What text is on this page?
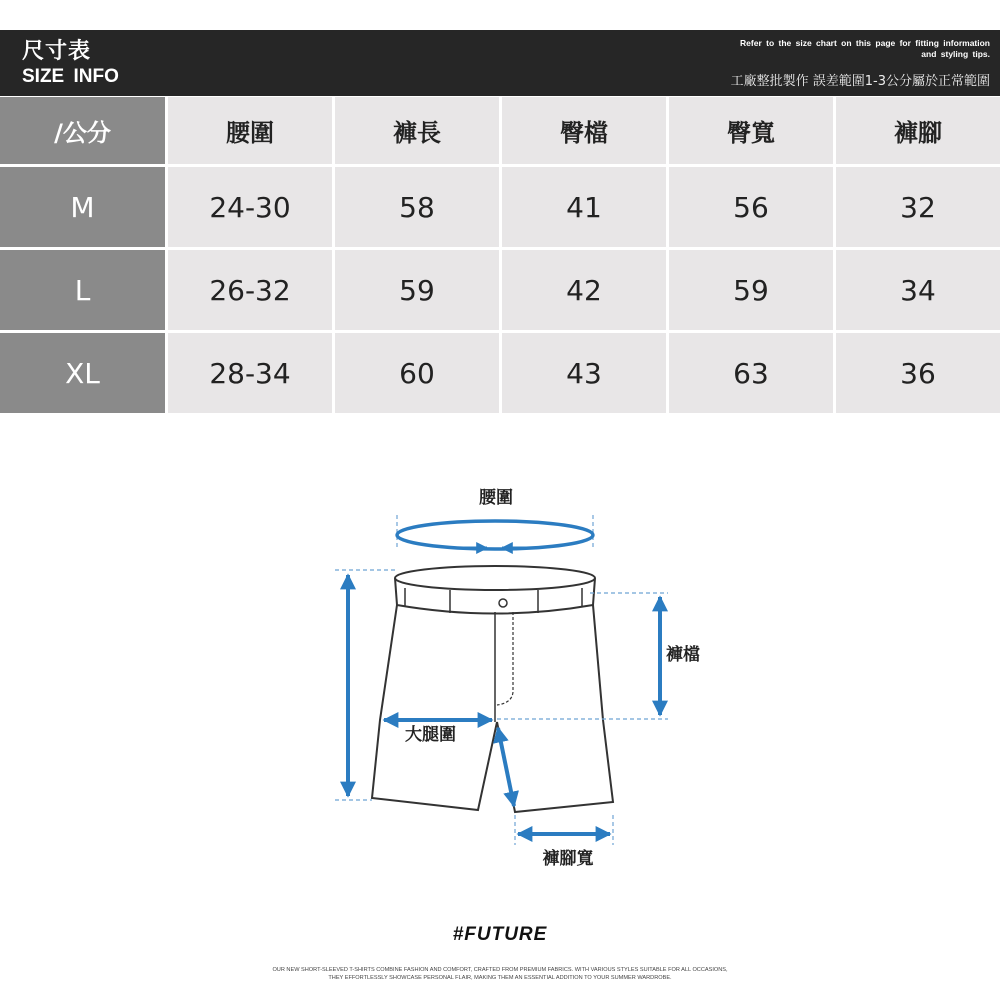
尺寸表
SIZE INFO
Refer to the size chart on this page for fitting information and styling tips.
工廠整批製作 誤差範圍1-3公分屬於正常範圍
/公分	腰圍	褲長	臀檔	臀寬	褲腳
M	24-30	58	41	56	32
L	26-32	59	42	59	34
XL	28-34	60	43	63	36
腰圍
褲檔
大腿圍
褲腳寬
#FUTURE
OUR NEW SHORT-SLEEVED T-SHIRTS COMBINE FASHION AND COMFORT, CRAFTED FROM PREMIUM FABRICS. WITH VARIOUS STYLES SUITABLE FOR ALL OCCASIONS, THEY EFFORTLESSLY SHOWCASE PERSONAL FLAIR, MAKING THEM AN ESSENTIAL ADDITION TO YOUR SUMMER WARDROBE.
